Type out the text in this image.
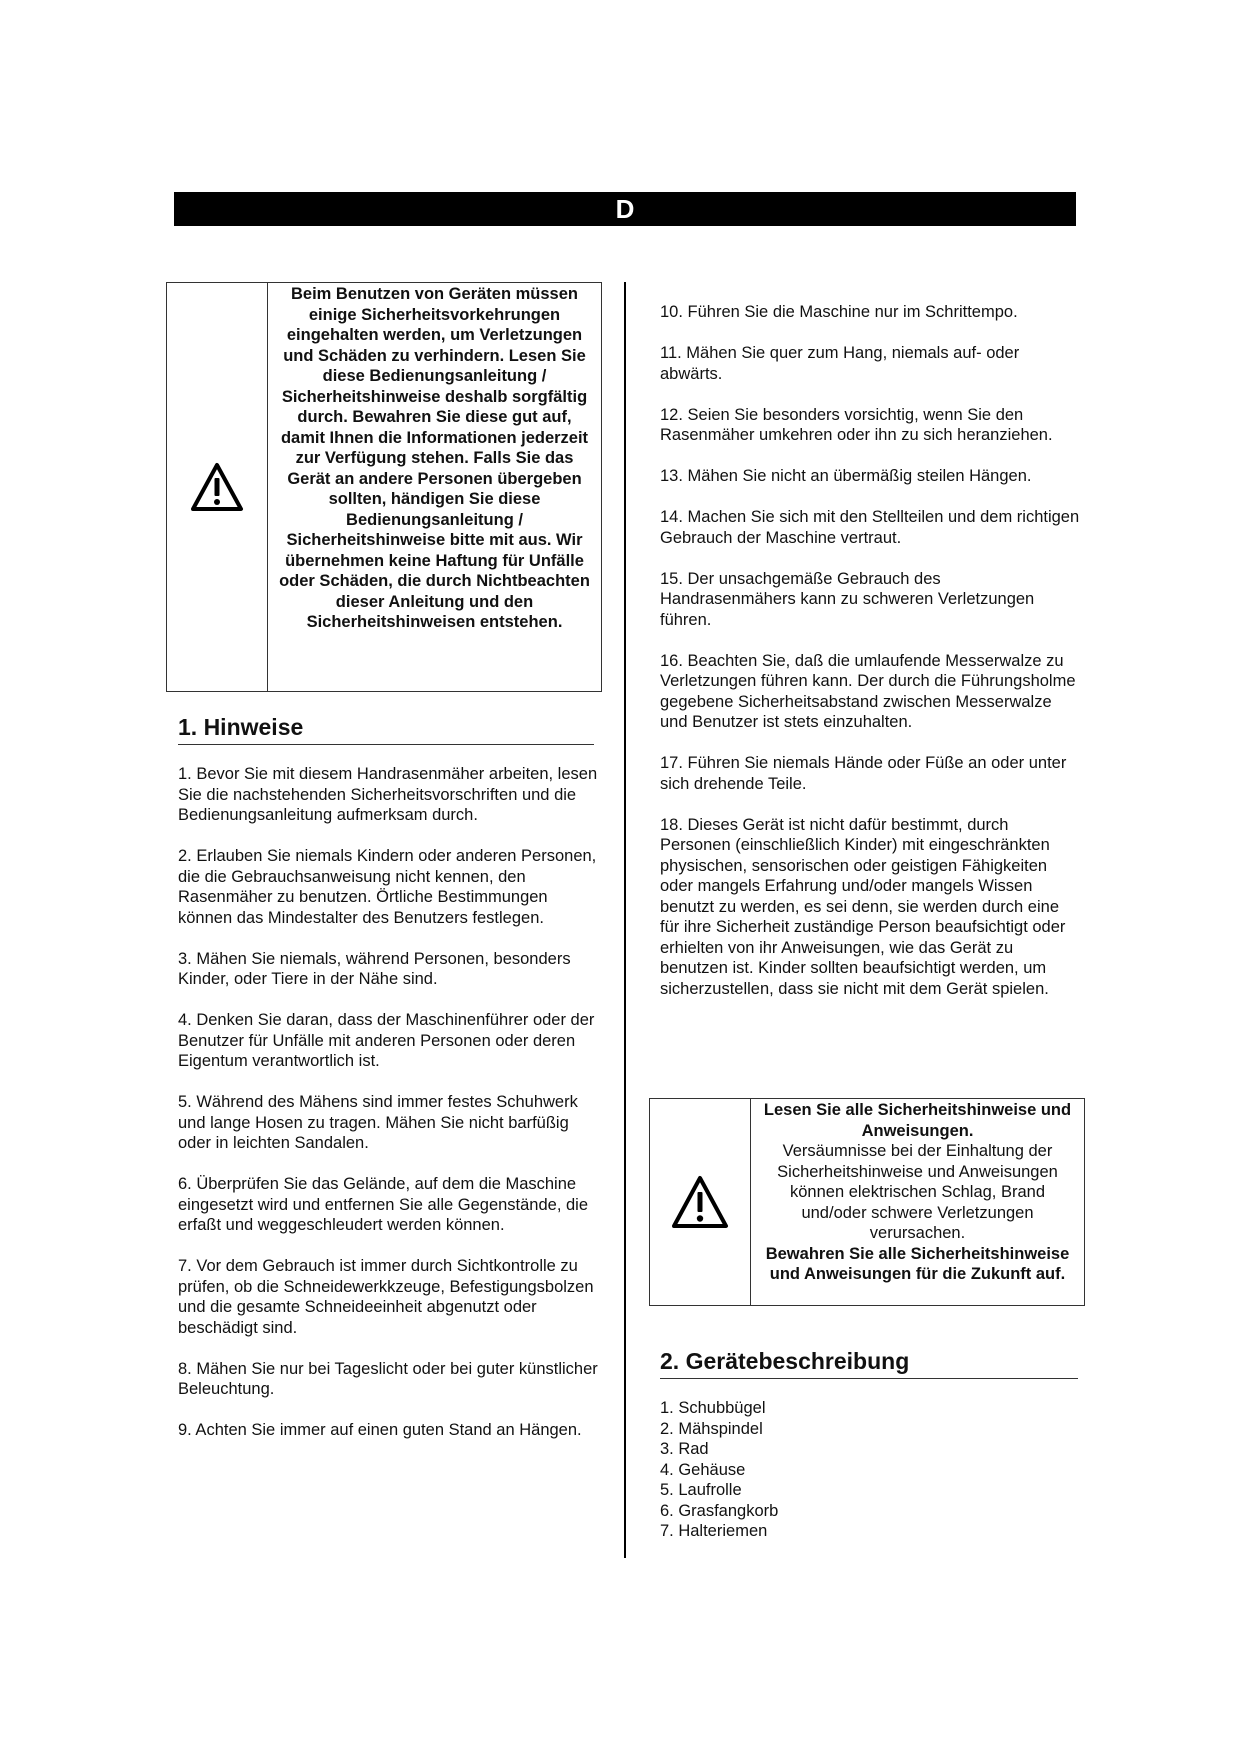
D
Beim Benutzen von Geräten müssen einige Sicherheitsvorkehrungen eingehalten werden, um Verletzungen und Schäden zu verhindern. Lesen Sie diese Bedienungsanleitung / Sicherheitshinweise deshalb sorgfältig durch. Bewahren Sie diese gut auf, damit Ihnen die Informationen jederzeit zur Verfügung stehen. Falls Sie das Gerät an andere Personen übergeben sollten, händigen Sie diese Bedienungsanleitung / Sicherheitshinweise bitte mit aus. Wir übernehmen keine Haftung für Unfälle oder Schäden, die durch Nichtbeachten dieser Anleitung und den Sicherheitshinweisen entstehen.
1. Hinweise

1. Bevor Sie mit diesem Handrasenmäher arbeiten, lesen Sie die nachstehenden Sicherheitsvorschriften und die Bedienungsanleitung aufmerksam durch.

2. Erlauben Sie niemals Kindern oder anderen Personen, die die Gebrauchsanweisung nicht kennen, den Rasenmäher zu benutzen. Örtliche Bestimmungen können das Mindestalter des Benutzers festlegen.

3. Mähen Sie niemals, während Personen, besonders Kinder, oder Tiere in der Nähe sind.

4. Denken Sie daran, dass der Maschinenführer oder der Benutzer für Unfälle mit anderen Personen oder deren Eigentum verantwortlich ist.

5. Während des Mähens sind immer festes Schuhwerk und lange Hosen zu tragen. Mähen Sie nicht barfüßig oder in leichten Sandalen.

6. Überprüfen Sie das Gelände, auf dem die Maschine eingesetzt wird und entfernen Sie alle Gegenstände, die erfaßt und weggeschleudert werden können.

7. Vor dem Gebrauch ist immer durch Sichtkontrolle zu prüfen, ob die Schneidewerkkzeuge, Befestigungsbolzen und die gesamte Schneideeinheit abgenutzt oder beschädigt sind.

8. Mähen Sie nur bei Tageslicht oder bei guter künstlicher Beleuchtung.

9. Achten Sie immer auf einen guten Stand an Hängen.

10. Führen Sie die Maschine nur im Schrittempo.

11. Mähen Sie quer zum Hang, niemals auf- oder abwärts.

12. Seien Sie besonders vorsichtig, wenn Sie den Rasenmäher umkehren oder ihn zu sich heranziehen.

13. Mähen Sie nicht an übermäßig steilen Hängen.

14. Machen Sie sich mit den Stellteilen und dem richtigen Gebrauch der Maschine vertraut.

15. Der unsachgemäße Gebrauch des Handrasenmähers kann zu schweren Verletzungen führen.

16. Beachten Sie, daß die umlaufende Messerwalze zu Verletzungen führen kann. Der durch die Führungsholme gegebene Sicherheitsabstand zwischen Messerwalze und Benutzer ist stets einzuhalten.

17. Führen Sie niemals Hände oder Füße an oder unter sich drehende Teile.

18. Dieses Gerät ist nicht dafür bestimmt, durch Personen (einschließlich Kinder) mit eingeschränkten physischen, sensorischen oder geistigen Fähigkeiten oder mangels Erfahrung und/oder mangels Wissen benutzt zu werden, es sei denn, sie werden durch eine für ihre Sicherheit zuständige Person beaufsichtigt oder erhielten von ihr Anweisungen, wie das Gerät zu benutzen ist. Kinder sollten beaufsichtigt werden, um sicherzustellen, dass sie nicht mit dem Gerät spielen.

Lesen Sie alle Sicherheitshinweise und Anweisungen.
Versäumnisse bei der Einhaltung der Sicherheitshinweise und Anweisungen können elektrischen Schlag, Brand und/oder schwere Verletzungen verursachen.
Bewahren Sie alle Sicherheitshinweise und Anweisungen für die Zukunft auf.
2. Gerätebeschreibung
1. Schubbügel
2. Mähspindel
3. Rad
4. Gehäuse
5. Laufrolle
6. Grasfangkorb
7. Halteriemen
